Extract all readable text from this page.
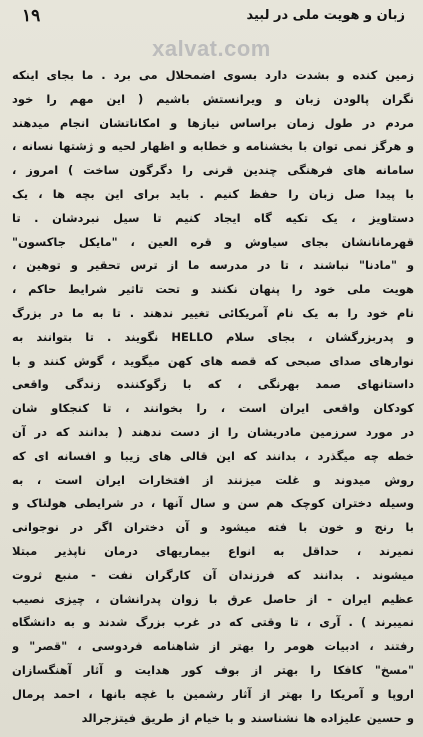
۱۹	زبان و هویت ملی در لبید
xalvat.com
زمین کنده و بشدت دارد بسوی اضمحلال می برد . ما بجای اینکه
نگران پالودن زبان و ویرانستش باشیم ( این مهم را خود
مردم در طول زمان براساس نیازها و امکاناتشان انجام میدهند
و هرگز نمی توان با بخشنامه و خطابه و اظهار لحیه و ژشتها نسانه ،
سامانه های فرهنگی چندین قرنی را دگرگون ساخت ) امروز ،
با پیدا صل زبان را حفظ کنیم . باید برای این بچه ها ، یک
دستاویز ، یک تکیه گاه ایجاد کنیم تا سیل نبردشان . تا
قهرمانانشان بجای سیاوش و قره العین ، "مایکل جاکسون"
و "مادنا" نباشند ، تا در مدرسه ما از ترس تحقیر و توهین ،
هویت ملی خود را پنهان نکنند و تحت تاثیر شرایط حاکم ،
نام خود را به یک نام آمریکائی تغییر ندهند . تا به ما در بزرگ
و پدربزرگشان ، بجای سلام HELLO نگویند . تا بتوانند به
نوارهای صدای صبحی که قصه های کهن میگوید ، گوش کنند و با
داستانهای صمد بهرنگی ، که با زگوکننده زندگی واقعی
کودکان واقعی ایران است ، را بخوانند ، تا کنجکاو شان
در مورد سرزمین مادریشان را از دست ندهند ( بدانند که در آن
خطه چه میگذرد ، بدانند که این قالی های زیبا و افسانه ای که
روش میدوند و غلت میزنند از افتخارات ایران است ، به
وسیله دختران کوچک هم سن و سال آنها ، در شرایطی هولناک و
با رنج و خون با فته میشود و آن دختران اگر در نوجوانی
نمیرند ، حداقل به انواع بیماریهای درمان ناپذیر مبتلا
میشوند . بدانند که فرزندان آن کارگران نفت - منبع ثروت
عظیم ایران - از حاصل عرق با زوان پدرانشان ، چیزی نصیب
نمیبرند ) . آری ، تا وقتی که در غرب بزرگ شدند و به دانشگاه
رفتند ، ادبیات هومر را بهتر از شاهنامه فردوسی ، "قصر" و
"مسخ" کافکا را بهتر از بوف کور هدایت و آثار آهنگسازان
اروپا و آمریکا را بهتر از آثار رشمین با غچه بانها ، احمد پرمال
و حسین علیزاده ها نشناسند و با خیام از طریق فیتزجرالد
